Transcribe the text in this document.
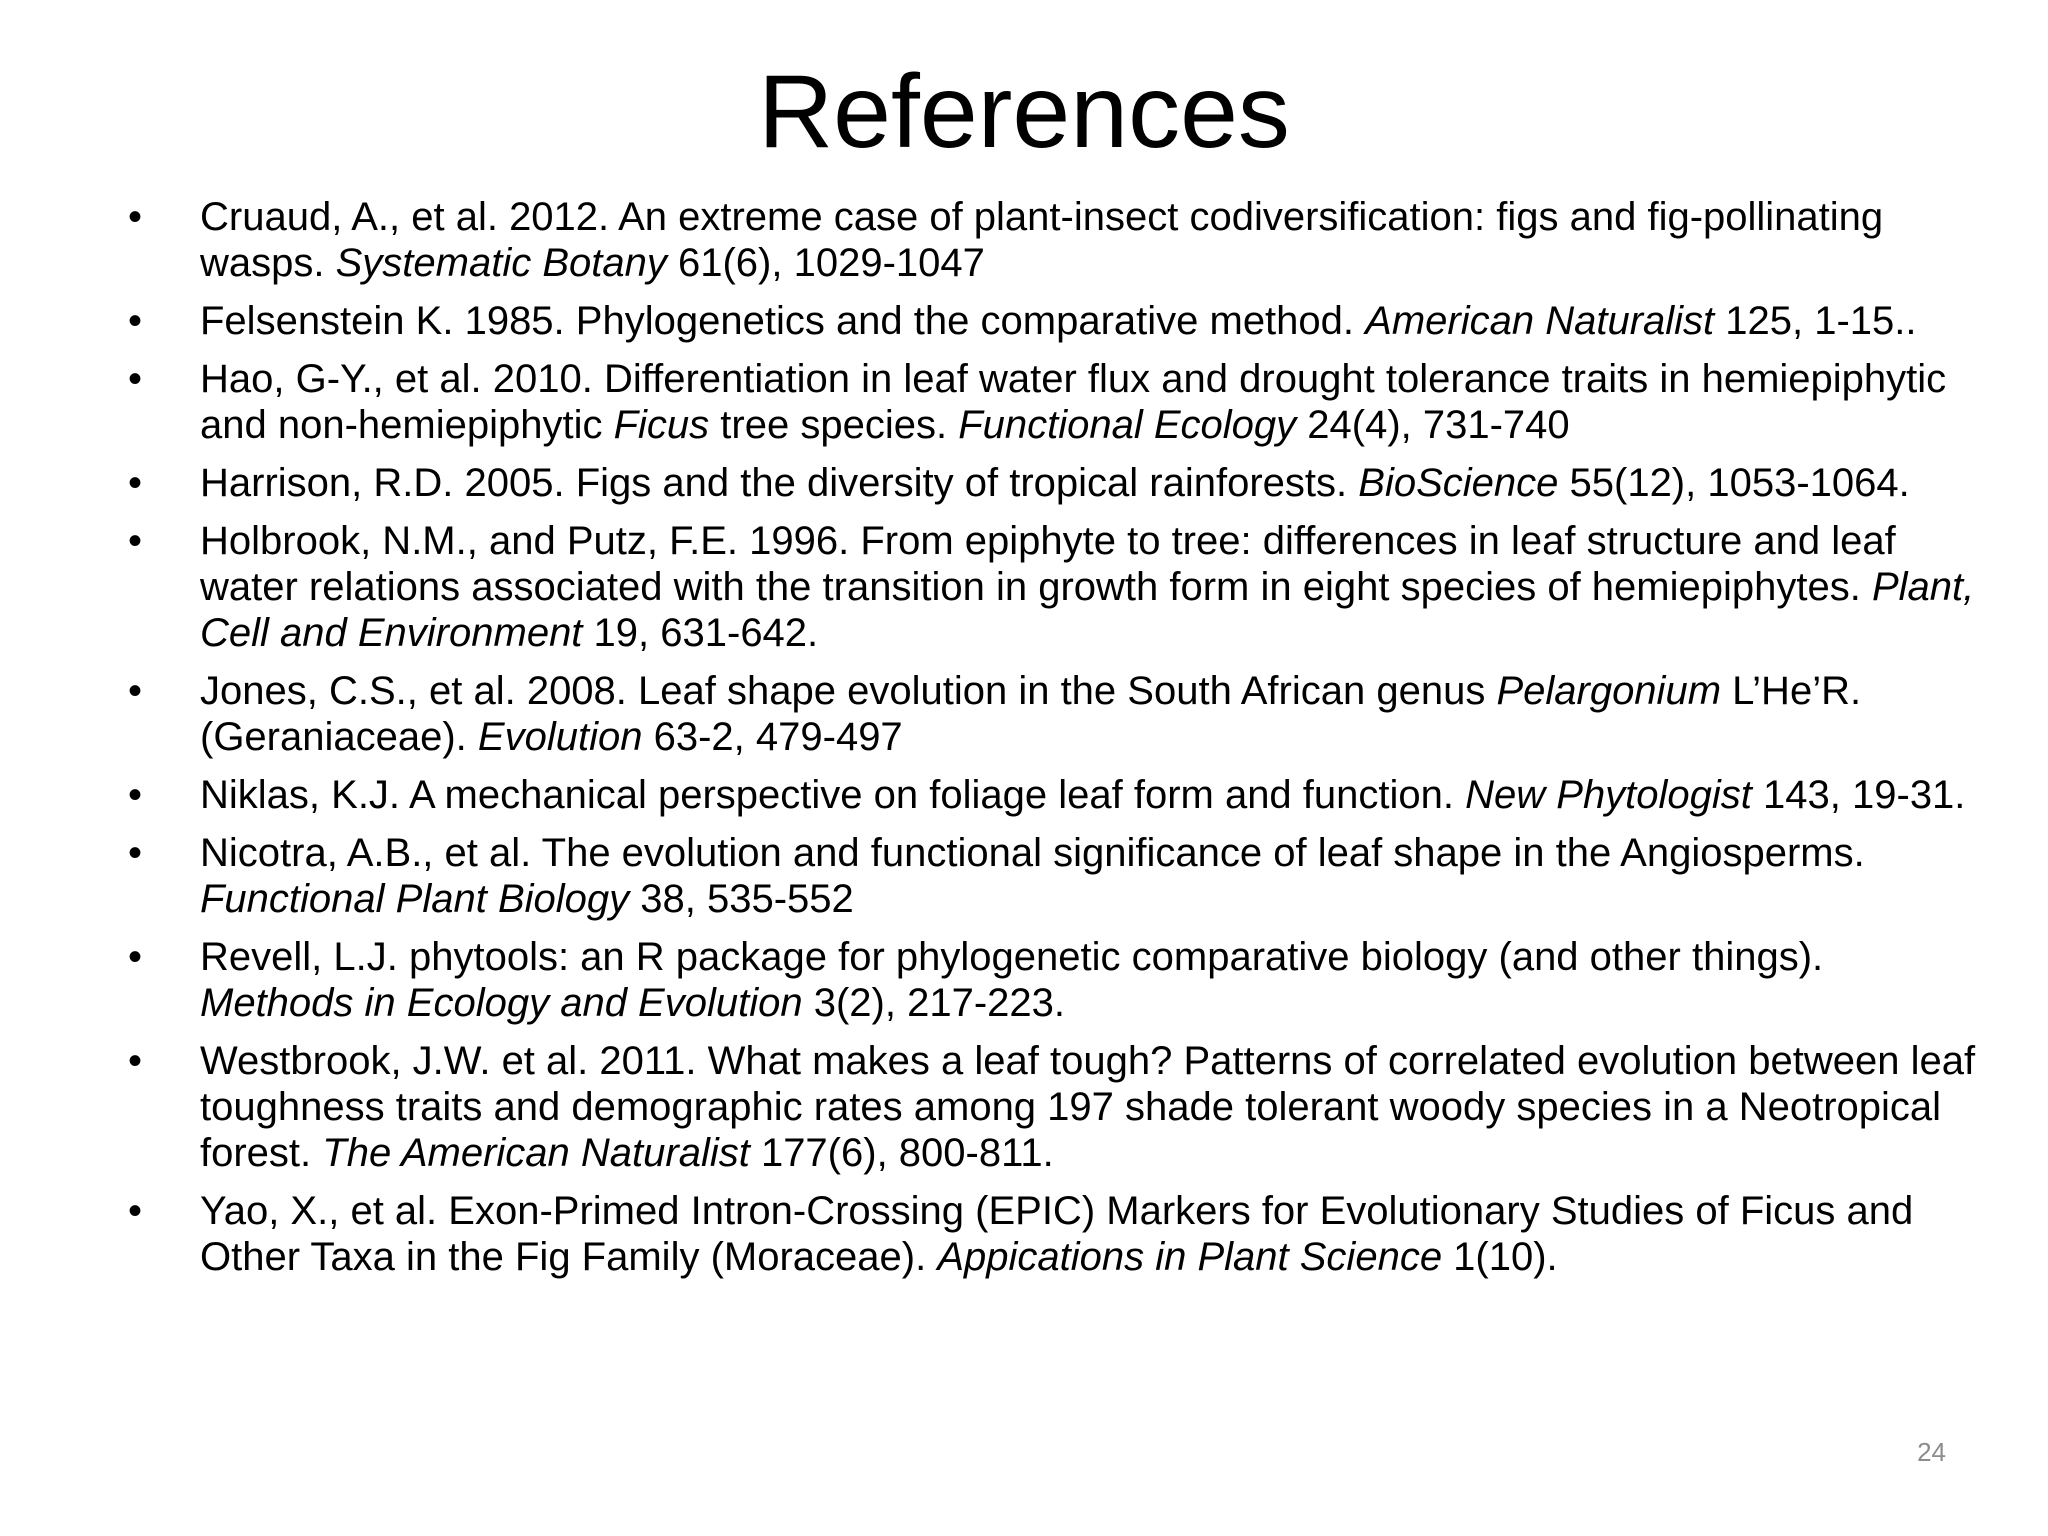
References
• Cruaud, A., et al. 2012. An extreme case of plant-insect codiversification: figs and fig-pollinating wasps. Systematic Botany 61(6), 1029-1047
• Felsenstein K. 1985. Phylogenetics and the comparative method. American Naturalist 125, 1-15..
• Hao, G-Y., et al. 2010. Differentiation in leaf water flux and drought tolerance traits in hemiepiphytic and non-hemiepiphytic Ficus tree species. Functional Ecology 24(4), 731-740
• Harrison, R.D. 2005. Figs and the diversity of tropical rainforests. BioScience 55(12), 1053-1064.
• Holbrook, N.M., and Putz, F.E. 1996. From epiphyte to tree: differences in leaf structure and leaf water relations associated with the transition in growth form in eight species of hemiepiphytes. Plant, Cell and Environment 19, 631-642.
• Jones, C.S., et al. 2008. Leaf shape evolution in the South African genus Pelargonium L’He’R. (Geraniaceae). Evolution 63-2, 479-497
• Niklas, K.J. A mechanical perspective on foliage leaf form and function. New Phytologist 143, 19-31.
• Nicotra, A.B., et al. The evolution and functional significance of leaf shape in the Angiosperms. Functional Plant Biology 38, 535-552
• Revell, L.J. phytools: an R package for phylogenetic comparative biology (and other things). Methods in Ecology and Evolution 3(2), 217-223.
• Westbrook, J.W. et al. 2011. What makes a leaf tough? Patterns of correlated evolution between leaf toughness traits and demographic rates among 197 shade tolerant woody species in a Neotropical forest. The American Naturalist 177(6), 800-811.
• Yao, X., et al. Exon-Primed Intron-Crossing (EPIC) Markers for Evolutionary Studies of Ficus and Other Taxa in the Fig Family (Moraceae). Appications in Plant Science 1(10).
24
